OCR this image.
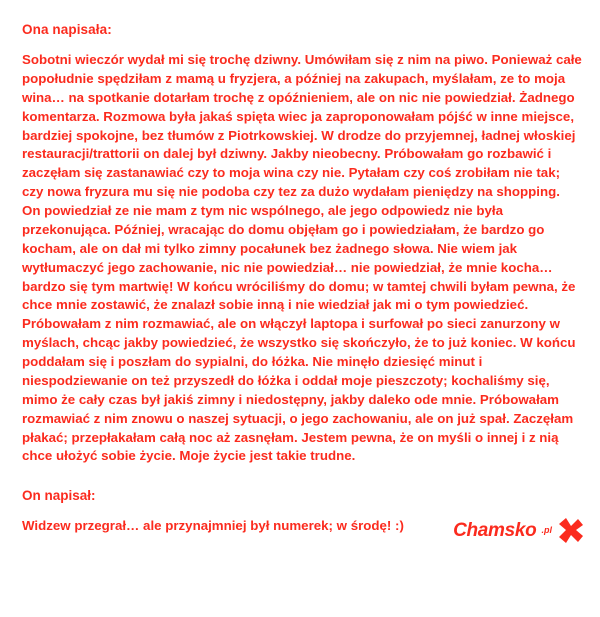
Ona napisała:

Sobotni wieczór wydał mi się trochę dziwny. Umówiłam się z nim na piwo. Ponieważ całe popołudnie spędziłam z mamą u fryzjera, a później na zakupach, myślałam, ze to moja wina… na spotkanie dotarłam trochę z opóźnieniem, ale on nic nie powiedział. Żadnego komentarza. Rozmowa była jakaś spięta wiec ja zaproponowałam pójść w inne miejsce, bardziej spokojne, bez tłumów z Piotrkowskiej. W drodze do przyjemnej, ładnej włoskiej restauracji/trattorii on dalej był dziwny. Jakby nieobecny. Próbowałam go rozbawić i zaczęłam się zastanawiać czy to moja wina czy nie. Pytałam czy coś zrobiłam nie tak; czy nowa fryzura mu się nie podoba czy tez za dużo wydałam pieniędzy na shopping. On powiedział ze nie mam z tym nic wspólnego, ale jego odpowiedz nie była przekonująca. Później, wracając do domu objęłam go i powiedziałam, że bardzo go kocham, ale on dał mi tylko zimny pocałunek bez żadnego słowa. Nie wiem jak wytłumaczyć jego zachowanie, nic nie powiedział… nie powiedział, że mnie kocha… bardzo się tym martwię! W końcu wróciliśmy do domu; w tamtej chwili byłam pewna, że chce mnie zostawić, że znalazł sobie inną i nie wiedział jak mi o tym powiedzieć. Próbowałam z nim rozmawiać, ale on włączył laptopa i surfował po sieci zanurzony w myślach, chcąc jakby powiedzieć, że wszystko się skończyło, że to już koniec. W końcu poddałam się i poszłam do sypialni, do łóżka. Nie minęło dziesięć minut i niespodziewanie on też przyszedł do łóżka i oddał moje pieszczoty; kochaliśmy się, mimo że cały czas był jakiś zimny i niedostępny, jakby daleko ode mnie. Próbowałam rozmawiać z nim znowu o naszej sytuacji, o jego zachowaniu, ale on już spał. Zaczęłam płakać; przepłakałam całą noc aż zasnęłam. Jestem pewna, że on myśli o innej i z nią chce ułożyć sobie życie. Moje życie jest takie trudne.

On napisał:

Widzew przegrał… ale przynajmniej był numerek; w środę! :)	Chamsko .pl
